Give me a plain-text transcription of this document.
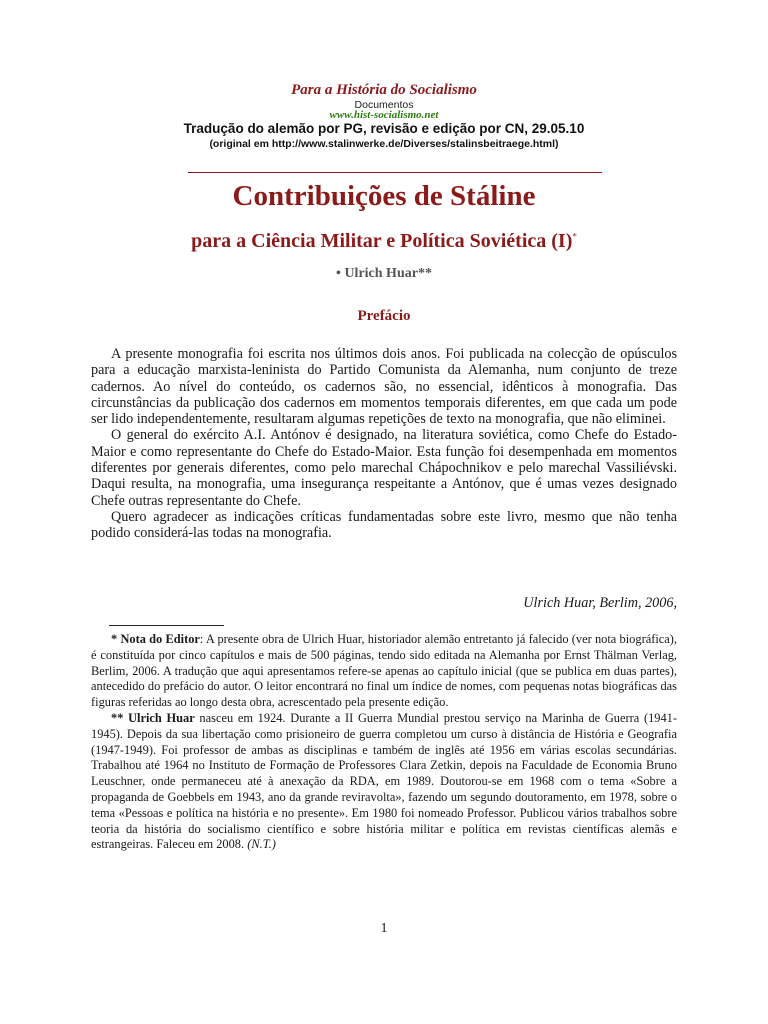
Para a História do Socialismo
Documentos
www.hist-socialismo.net
Tradução do alemão por PG, revisão e edição por CN, 29.05.10
(original em http://www.stalinwerke.de/Diverses/stalinsbeitraege.html)
Contribuições de Stáline
para a Ciência Militar e Política Soviética (I)*
• Ulrich Huar**
Prefácio

A presente monografia foi escrita nos últimos dois anos. Foi publicada na colecção de opúsculos para a educação marxista-leninista do Partido Comunista da Alemanha, num conjunto de treze cadernos. Ao nível do conteúdo, os cadernos são, no essencial, idênticos à monografia. Das circunstâncias da publicação dos cadernos em momentos temporais diferentes, em que cada um pode ser lido independentemente, resultaram algumas repetições de texto na monografia, que não eliminei.

O general do exército A.I. Antónov é designado, na literatura soviética, como Chefe do Estado-Maior e como representante do Chefe do Estado-Maior. Esta função foi desempenhada em momentos diferentes por generais diferentes, como pelo marechal Chápochnikov e pelo marechal Vassiliévski. Daqui resulta, na monografia, uma insegurança respeitante a Antónov, que é umas vezes designado Chefe outras representante do Chefe.

Quero agradecer as indicações críticas fundamentadas sobre este livro, mesmo que não tenha podido considerá-las todas na monografia.

Ulrich Huar, Berlim, 2006,

* Nota do Editor: A presente obra de Ulrich Huar, historiador alemão entretanto já falecido (ver nota biográfica), é constituída por cinco capítulos e mais de 500 páginas, tendo sido editada na Alemanha por Ernst Thälman Verlag, Berlim, 2006. A tradução que aqui apresentamos refere-se apenas ao capítulo inicial (que se publica em duas partes), antecedido do prefácio do autor. O leitor encontrará no final um índice de nomes, com pequenas notas biográficas das figuras referidas ao longo desta obra, acrescentado pela presente edição.

** Ulrich Huar nasceu em 1924. Durante a II Guerra Mundial prestou serviço na Marinha de Guerra (1941-1945). Depois da sua libertação como prisioneiro de guerra completou um curso à distância de História e Geografia (1947-1949). Foi professor de ambas as disciplinas e também de inglês até 1956 em várias escolas secundárias. Trabalhou até 1964 no Instituto de Formação de Professores Clara Zetkin, depois na Faculdade de Economia Bruno Leuschner, onde permaneceu até à anexação da RDA, em 1989. Doutorou-se em 1968 com o tema «Sobre a propaganda de Goebbels em 1943, ano da grande reviravolta», fazendo um segundo doutoramento, em 1978, sobre o tema «Pessoas e política na história e no presente». Em 1980 foi nomeado Professor. Publicou vários trabalhos sobre teoria da história do socialismo científico e sobre história militar e política em revistas científicas alemãs e estrangeiras. Faleceu em 2008. (N.T.)

1
